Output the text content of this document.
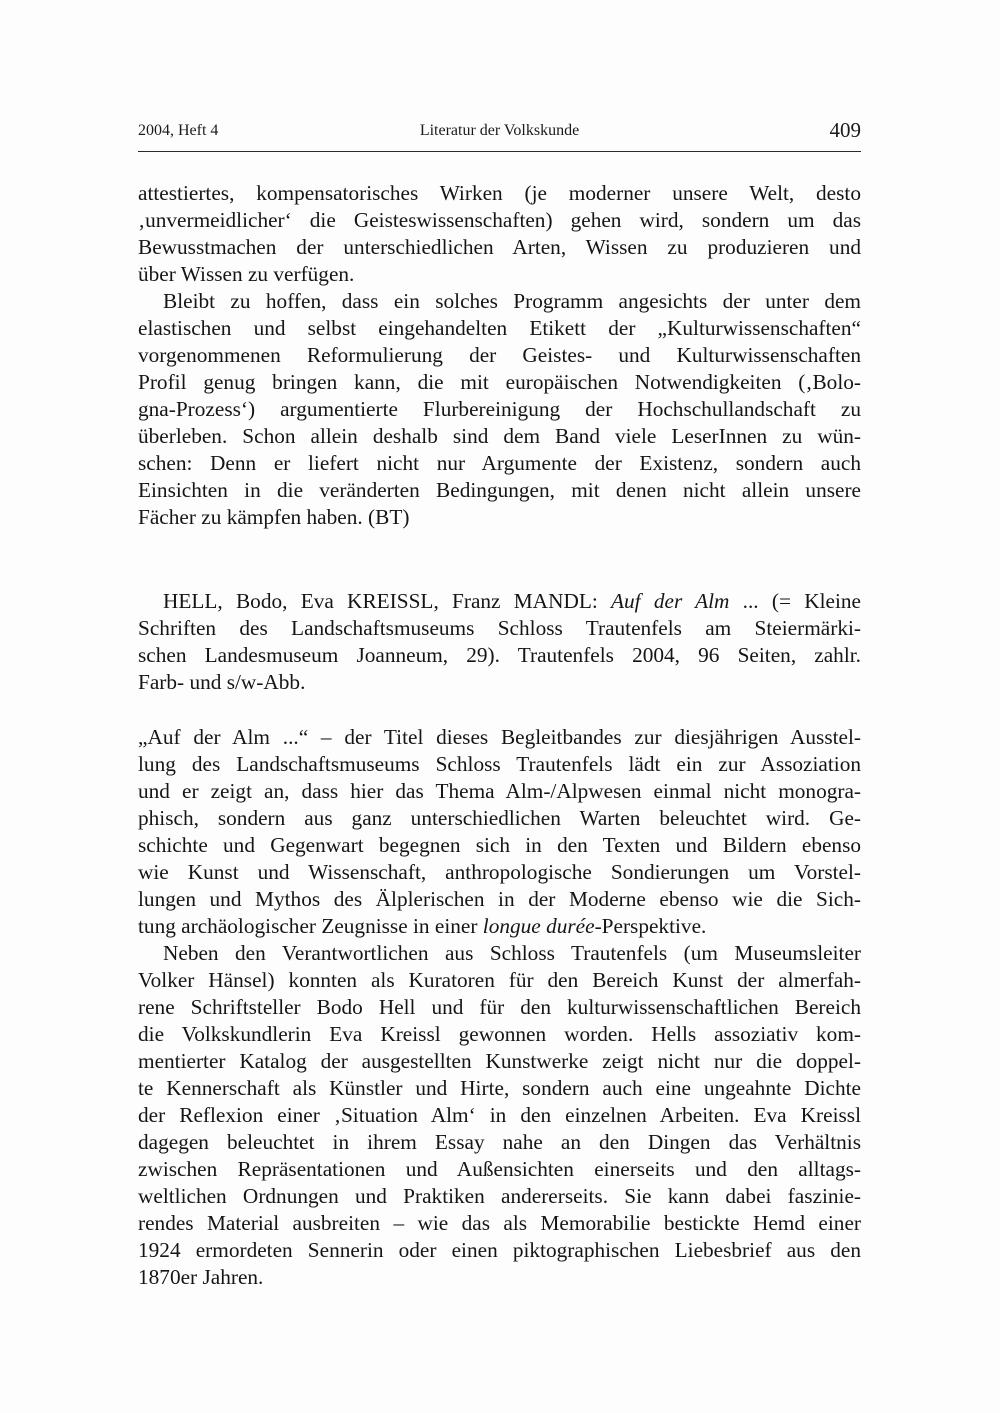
2004, Heft 4	Literatur der Volkskunde	409
attestiertes, kompensatorisches Wirken (je moderner unsere Welt, desto
‚unvermeidlicher‘ die Geisteswissenschaften) gehen wird, sondern um das
Bewusstmachen der unterschiedlichen Arten, Wissen zu produzieren und
über Wissen zu verfügen.
Bleibt zu hoffen, dass ein solches Programm angesichts der unter dem
elastischen und selbst eingehandelten Etikett der „Kulturwissenschaften“
vorgenommenen Reformulierung der Geistes- und Kulturwissenschaften
Profil genug bringen kann, die mit europäischen Notwendigkeiten (‚Bolo-
gna-Prozess‘) argumentierte Flurbereinigung der Hochschullandschaft zu
überleben. Schon allein deshalb sind dem Band viele LeserInnen zu wün-
schen: Denn er liefert nicht nur Argumente der Existenz, sondern auch
Einsichten in die veränderten Bedingungen, mit denen nicht allein unsere
Fächer zu kämpfen haben. (BT)
HELL, Bodo, Eva KREISSL, Franz MANDL: Auf der Alm ... (= Kleine
Schriften des Landschaftsmuseums Schloss Trautenfels am Steiermärki-
schen Landesmuseum Joanneum, 29). Trautenfels 2004, 96 Seiten, zahlr.
Farb- und s/w-Abb.
„Auf der Alm ...“ – der Titel dieses Begleitbandes zur diesjährigen Ausstel-
lung des Landschaftsmuseums Schloss Trautenfels lädt ein zur Assoziation
und er zeigt an, dass hier das Thema Alm-/Alpwesen einmal nicht monogra-
phisch, sondern aus ganz unterschiedlichen Warten beleuchtet wird. Ge-
schichte und Gegenwart begegnen sich in den Texten und Bildern ebenso
wie Kunst und Wissenschaft, anthropologische Sondierungen um Vorstel-
lungen und Mythos des Älplerischen in der Moderne ebenso wie die Sich-
tung archäologischer Zeugnisse in einer longue durée-Perspektive.
Neben den Verantwortlichen aus Schloss Trautenfels (um Museumsleiter
Volker Hänsel) konnten als Kuratoren für den Bereich Kunst der almerfah-
rene Schriftsteller Bodo Hell und für den kulturwissenschaftlichen Bereich
die Volkskundlerin Eva Kreissl gewonnen worden. Hells assoziativ kom-
mentierter Katalog der ausgestellten Kunstwerke zeigt nicht nur die doppel-
te Kennerschaft als Künstler und Hirte, sondern auch eine ungeahnte Dichte
der Reflexion einer ‚Situation Alm‘ in den einzelnen Arbeiten. Eva Kreissl
dagegen beleuchtet in ihrem Essay nahe an den Dingen das Verhältnis
zwischen Repräsentationen und Außensichten einerseits und den alltags-
weltlichen Ordnungen und Praktiken andererseits. Sie kann dabei faszinie-
rendes Material ausbreiten – wie das als Memorabilie bestickte Hemd einer
1924 ermordeten Sennerin oder einen piktographischen Liebesbrief aus den
1870er Jahren.
